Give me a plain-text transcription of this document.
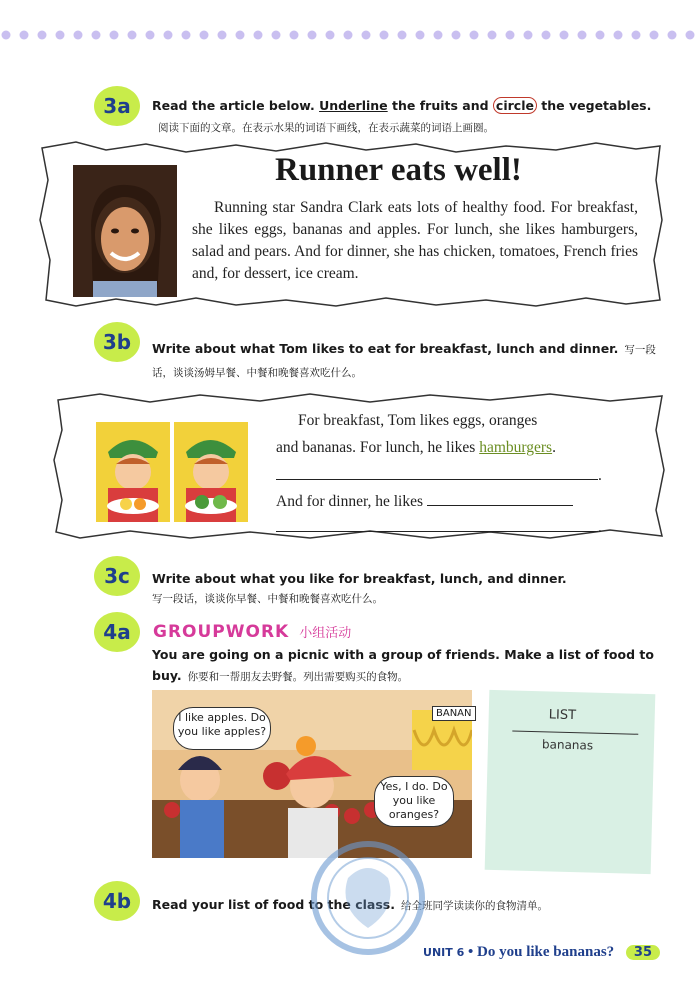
3a	Read the article below. Underline the fruits and circle the vegetables.阅读下面的文章。在表示水果的词语下画线，在表示蔬菜的词语上画圈。
Runner eats well!
Running star Sandra Clark eats lots of healthy food. For breakfast, she likes eggs, bananas and apples. For lunch, she likes hamburgers, salad and pears. And for dinner, she has chicken, tomatoes, French fries and, for dessert, ice cream.
3b	Write about what Tom likes to eat for breakfast, lunch and dinner. 写一段话，谈谈汤姆早餐、中餐和晚餐喜欢吃什么。
For breakfast, Tom likes eggs, oranges
and bananas. For lunch, he likes hamburgers.
.
And for dinner, he likes
.
3c	Write about what you like for breakfast, lunch, and dinner.
写一段话，谈谈你早餐、中餐和晚餐喜欢吃什么。
4a	GROUPWORK 小组活动
You are going on a picnic with a group of friends. Make a list of food to buy. 你要和一帮朋友去野餐。列出需要购买的食物。
I like apples. Do you like apples?
Yes, I do. Do you like oranges?
BANAN	LIST
bananas
4b	Read your list of food to the class. 给全班同学读读你的食物清单。
UNIT 6 • Do you like bananas? 35
